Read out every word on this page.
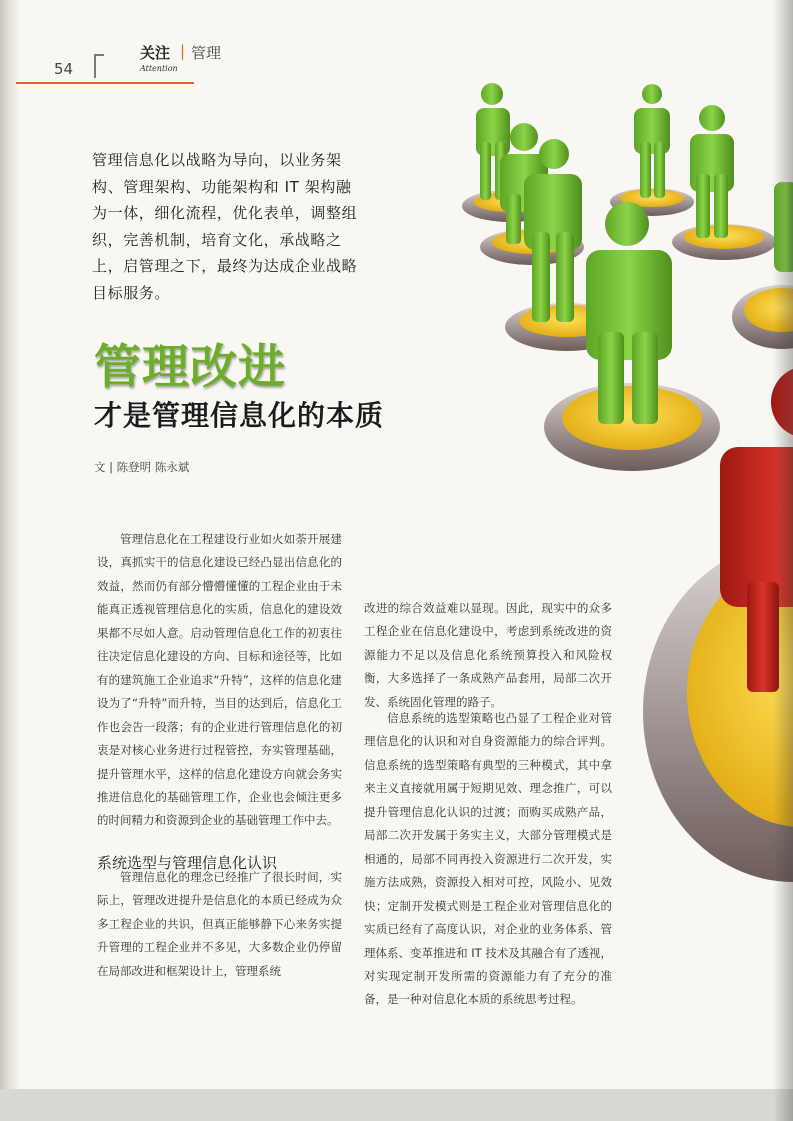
54
关注 | 管理
Attention

管理信息化以战略为导向，以业务架构、管理架构、功能架构和 IT 架构融为一体，细化流程，优化表单，调整组织，完善机制，培育文化，承战略之上，启管理之下，最终为达成企业战略目标服务。

管理改进
才是管理信息化的本质
文 | 陈登明 陈永斌

管理信息化在工程建设行业如火如荼开展建设，真抓实干的信息化建设已经凸显出信息化的效益，然而仍有部分懵懵懂懂的工程企业由于未能真正透视管理信息化的实质，信息化的建设效果都不尽如人意。启动管理信息化工作的初衷往往决定信息化建设的方向、目标和途径等，比如有的建筑施工企业追求“升特”，这样的信息化建设为了“升特”而升特，当目的达到后，信息化工作也会告一段落；有的企业进行管理信息化的初衷是对核心业务进行过程管控，夯实管理基础，提升管理水平，这样的信息化建设方向就会务实推进信息化的基础管理工作，企业也会倾注更多的时间精力和资源到企业的基础管理工作中去。

系统选型与管理信息化认识

管理信息化的理念已经推广了很长时间，实际上，管理改进提升是信息化的本质已经成为众多工程企业的共识，但真正能够静下心来务实提升管理的工程企业并不多见，大多数企业仍停留在局部改进和框架设计上，管理系统

改进的综合效益难以显现。因此，现实中的众多工程企业在信息化建设中，考虑到系统改进的资源能力不足以及信息化系统预算投入和风险权衡，大多选择了一条成熟产品套用，局部二次开发、系统固化管理的路子。

信息系统的选型策略也凸显了工程企业对管理信息化的认识和对自身资源能力的综合评判。信息系统的选型策略有典型的三种模式，其中拿来主义直接就用属于短期见效、理念推广，可以提升管理信息化认识的过渡；而购买成熟产品，局部二次开发属于务实主义，大部分管理模式是相通的，局部不同再投入资源进行二次开发，实施方法成熟，资源投入相对可控，风险小、见效快；定制开发模式则是工程企业对管理信息化的实质已经有了高度认识，对企业的业务体系、管理体系、变革推进和 IT 技术及其融合有了透视，对实现定制开发所需的资源能力有了充分的准备，是一种对信息化本质的系统思考过程。
